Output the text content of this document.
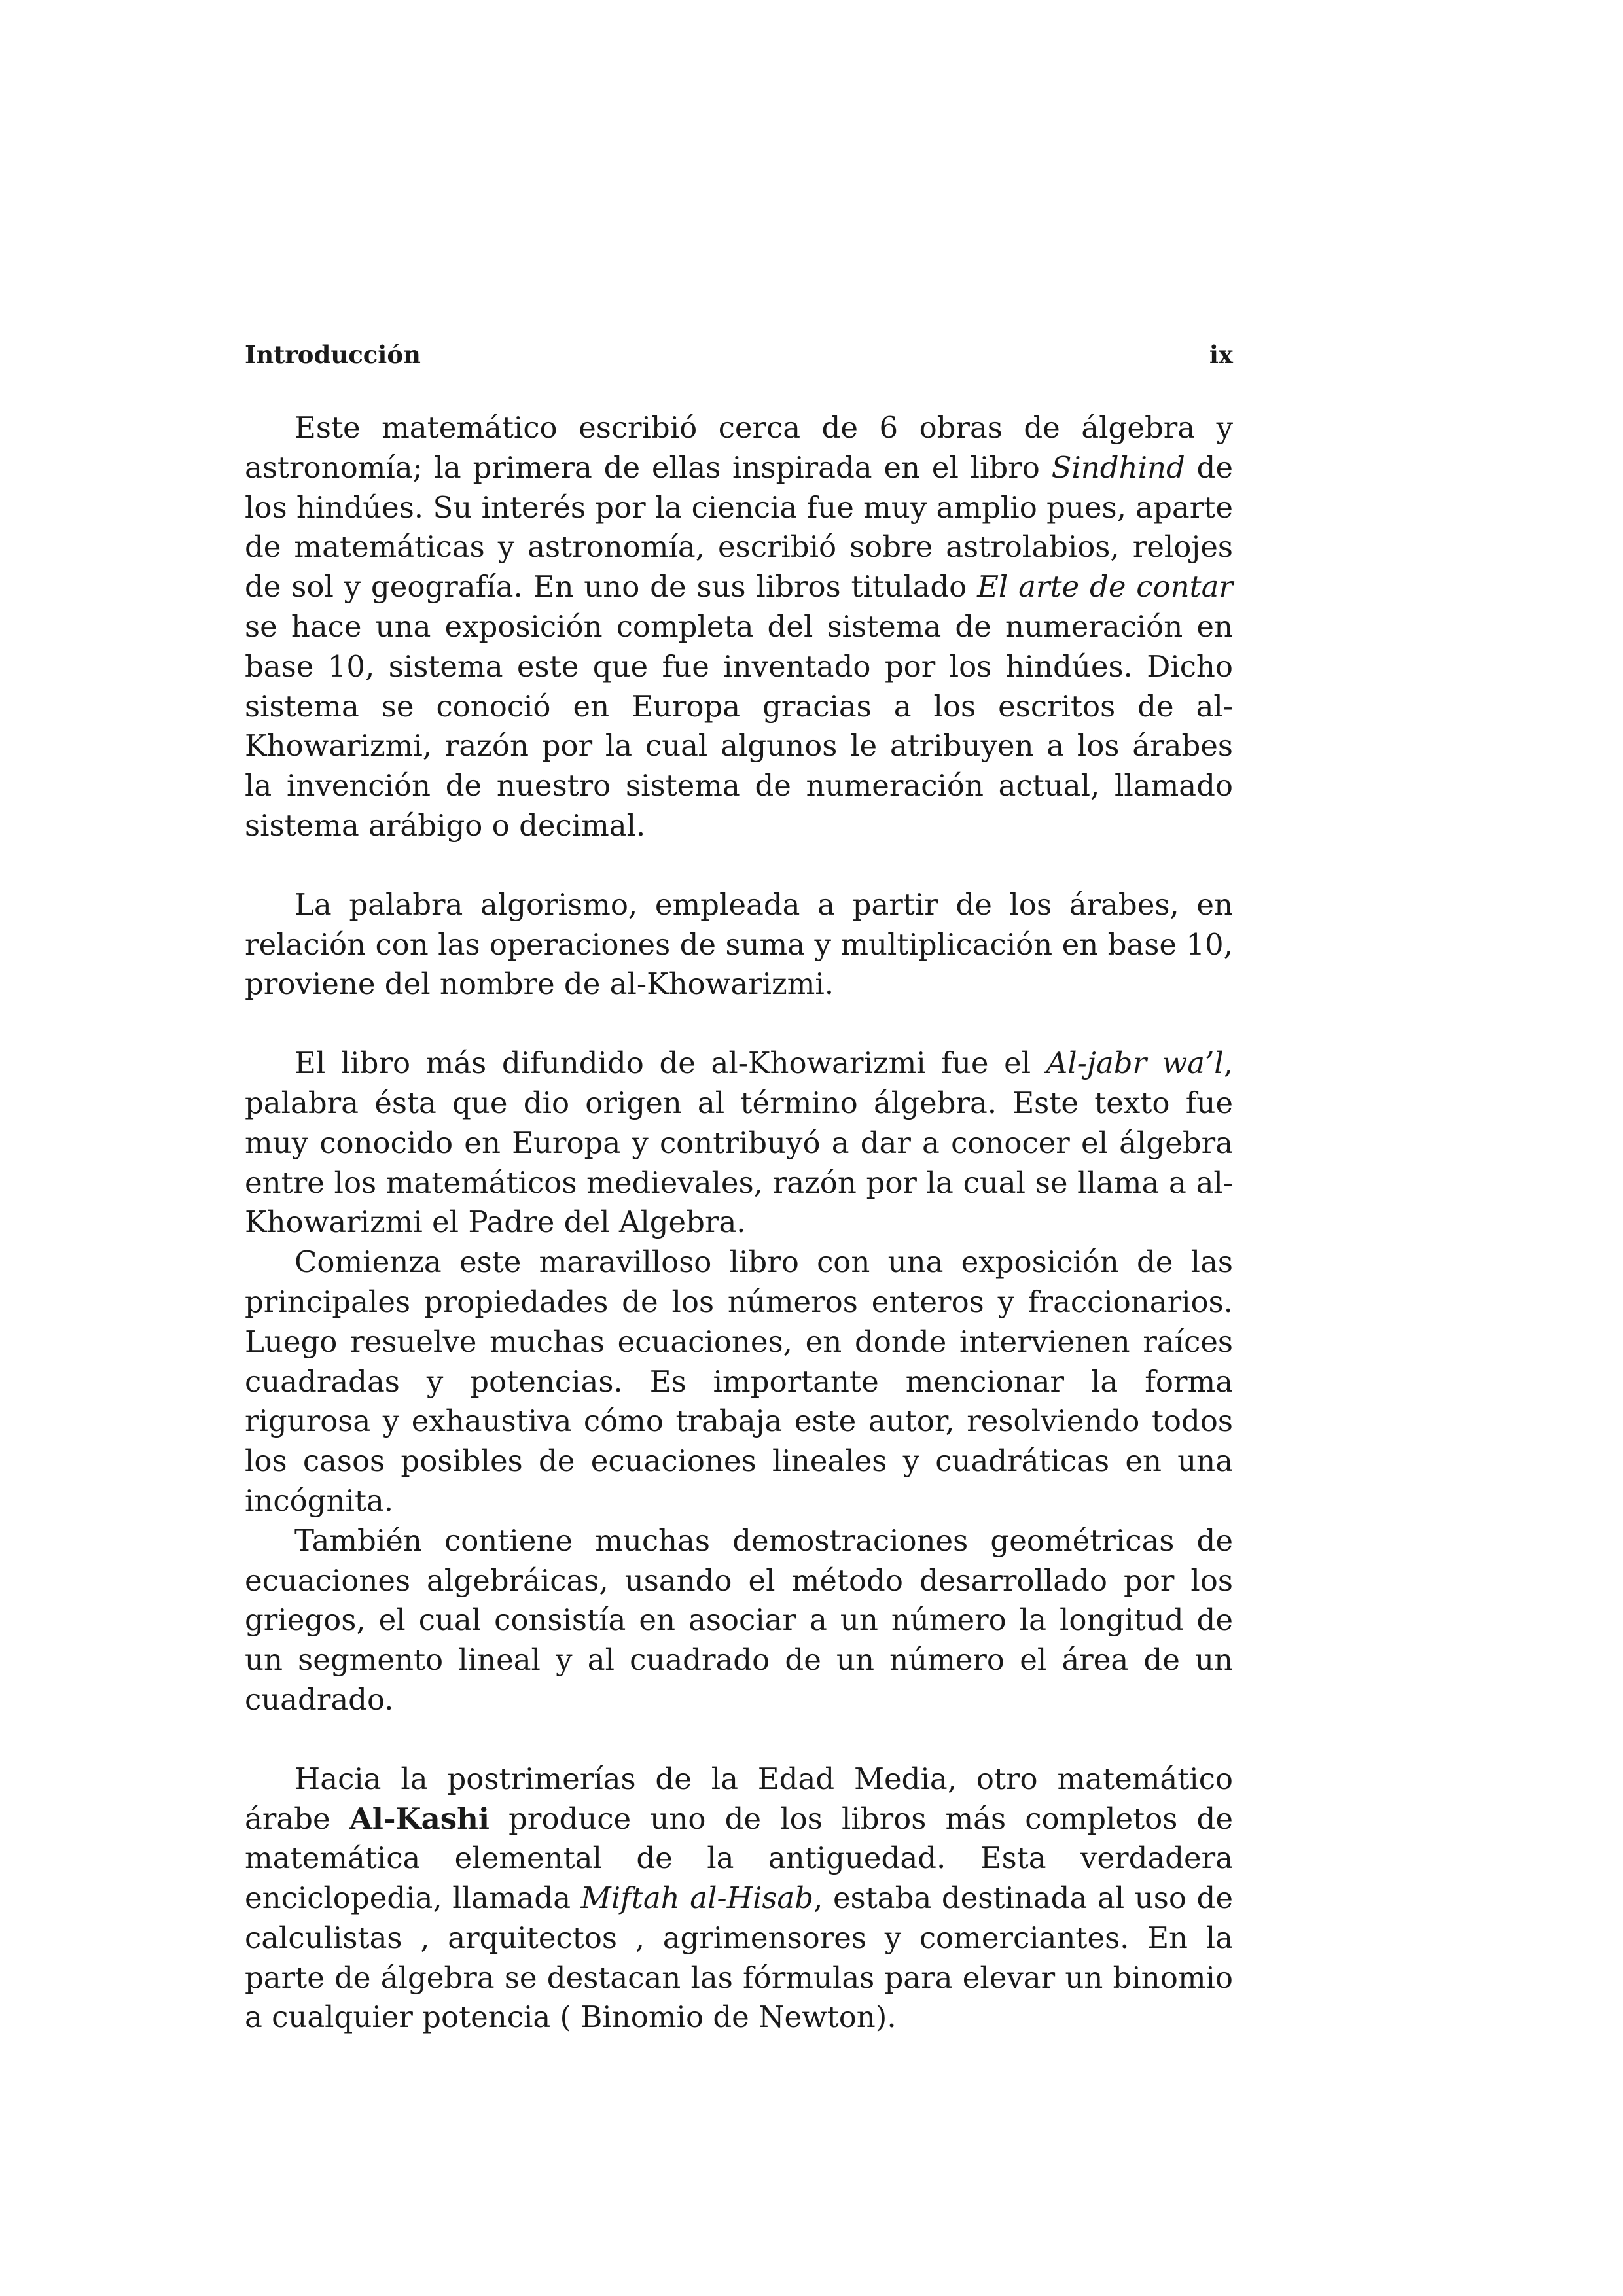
Introducción	ix

Este matemático escribió cerca de 6 obras de álgebra y astronomía; la primera de ellas inspirada en el libro Sindhind de los hindúes. Su interés por la ciencia fue muy amplio pues, aparte de matemáticas y astronomía, escribió sobre astrolabios, relojes de sol y geografía. En uno de sus libros titulado El arte de contar se hace una exposición completa del sistema de numeración en base 10, sistema este que fue inventado por los hindúes. Dicho sistema se conoció en Europa gracias a los escritos de al-Khowarizmi, razón por la cual algunos le atribuyen a los árabes la invención de nuestro sistema de numeración actual, llamado sistema arábigo o decimal.

La palabra algorismo, empleada a partir de los árabes, en relación con las operaciones de suma y multiplicación en base 10, proviene del nombre de al-Khowarizmi.

El libro más difundido de al-Khowarizmi fue el Al-jabr wa’l, palabra ésta que dio origen al término álgebra. Este texto fue muy conocido en Europa y contribuyó a dar a conocer el álgebra entre los matemáticos medievales, razón por la cual se llama a al-Khowarizmi el Padre del Algebra.

Comienza este maravilloso libro con una exposición de las principales propiedades de los números enteros y fraccionarios. Luego resuelve muchas ecuaciones, en donde intervienen raíces cuadradas y potencias. Es importante mencionar la forma rigurosa y exhaustiva cómo trabaja este autor, resolviendo todos los casos posibles de ecuaciones lineales y cuadráticas en una incógnita.

También contiene muchas demostraciones geométricas de ecuaciones algebráicas, usando el método desarrollado por los griegos, el cual consistía en asociar a un número la longitud de un segmento lineal y al cuadrado de un número el área de un cuadrado.

Hacia la postrimerías de la Edad Media, otro matemático árabe Al-Kashi produce uno de los libros más completos de matemática elemental de la antiguedad. Esta verdadera enciclopedia, llamada Miftah al-Hisab, estaba destinada al uso de calculistas , arquitectos , agrimensores y comerciantes. En la parte de álgebra se destacan las fórmulas para elevar un binomio a cualquier potencia ( Binomio de Newton).
